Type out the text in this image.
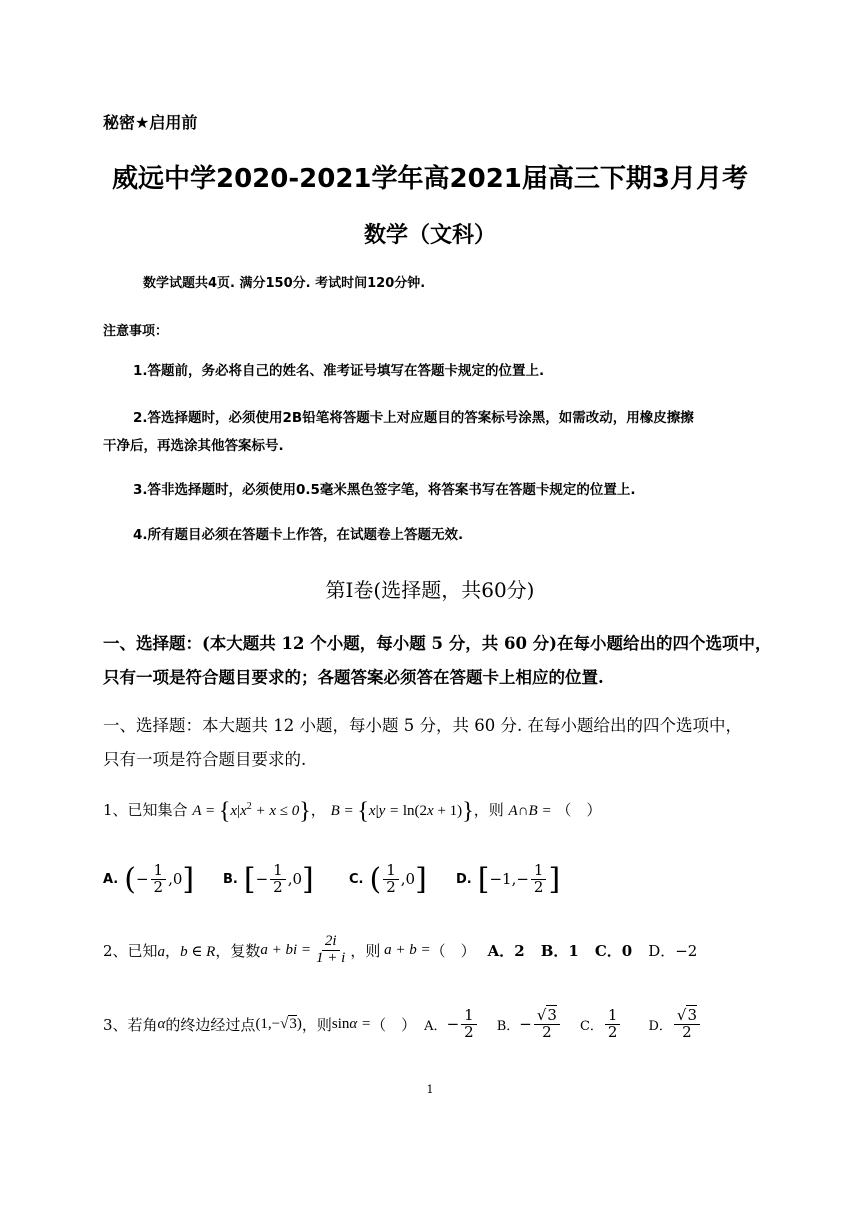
秘密★启用前
威远中学2020-2021学年高2021届高三下期3月月考
数学（文科）
数学试题共4页. 满分150分. 考试时间120分钟.
注意事项：
1.答题前，务必将自己的姓名、准考证号填写在答题卡规定的位置上.
2.答选择题时，必须使用2B铅笔将答题卡上对应题目的答案标号涂黑，如需改动，用橡皮擦擦
干净后，再选涂其他答案标号.
3.答非选择题时，必须使用0.5毫米黑色签字笔，将答案书写在答题卡规定的位置上.
4.所有题目必须在答题卡上作答，在试题卷上答题无效.
第Ⅰ卷(选择题，共60分)
一、选择题：(本大题共 12 个小题，每小题 5 分，共 60 分)在每小题给出的四个选项中，
只有一项是符合题目要求的；各题答案必须答在答题卡上相应的位置.
一、选择题：本大题共 12 小题，每小题 5 分，共 60 分. 在每小题给出的四个选项中，
只有一项是符合题目要求的.
1、已知集合 $A = \{x|x^2 + x \le 0\}$， B = {x|y = ln(2x + 1)}，则 A∩B = （　）
A. ( − $\frac{1}{2} ,0$ ] B. [ − $\frac{1}{2} ,0$ ]	C. ( $\frac{1}{2} ,0$ ] D. [ $-1,- \frac{1}{2}$ ]
2、已知 a，b ∈ R ，复数 a + bi = $\frac{2i}{1 + i}$ ，则 a + b = （　） A．2 B．1 C．0 D．−2
3、若角 α 的终边经过点 (1,−√3) ，则 sinα = （　） A． − $\frac{1}{2}$ B． − $\frac{√3}{2}$ C． $\frac{1}{2}$ D． $\frac{√3}{2}$
1
